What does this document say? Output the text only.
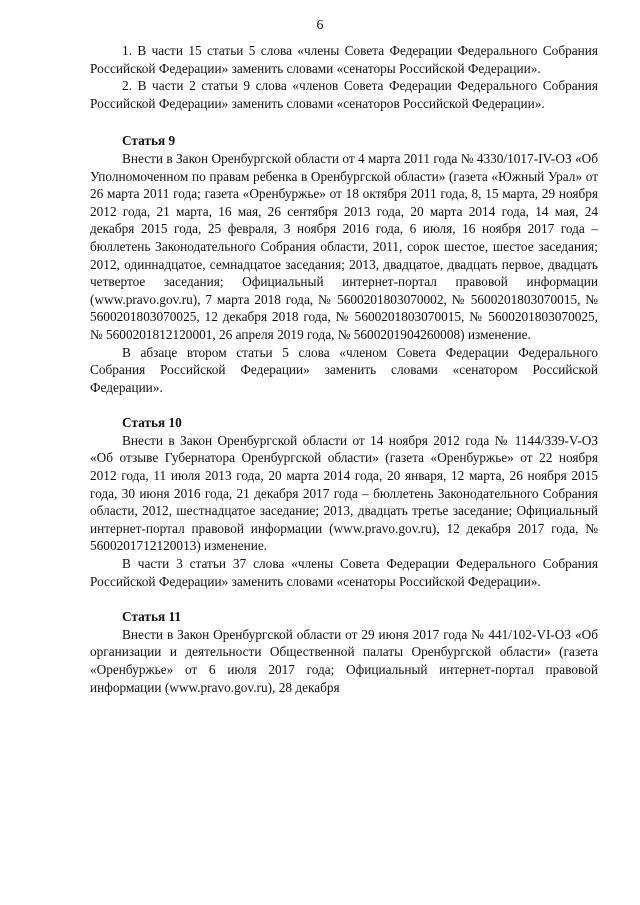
6

1. В части 15 статьи 5 слова «члены Совета Федерации Федерального Собрания Российской Федерации» заменить словами «сенаторы Российской Федерации».

2. В части 2 статьи 9 слова «членов Совета Федерации Федерального Собрания Российской Федерации» заменить словами «сенаторов Российской Федерации».

Статья 9

Внести в Закон Оренбургской области от 4 марта 2011 года № 4330/1017-IV-ОЗ «Об Уполномоченном по правам ребенка в Оренбургской области» (газета «Южный Урал» от 26 марта 2011 года; газета «Оренбуржье» от 18 октября 2011 года, 8, 15 марта, 29 ноября 2012 года, 21 марта, 16 мая, 26 сентября 2013 года, 20 марта 2014 года, 14 мая, 24 декабря 2015 года, 25 февраля, 3 ноября 2016 года, 6 июля, 16 ноября 2017 года – бюллетень Законодательного Собрания области, 2011, сорок шестое, шестое заседания; 2012, одиннадцатое, семнадцатое заседания; 2013, двадцатое, двадцать первое, двадцать четвертое заседания; Официальный интернет-портал правовой информации (www.pravo.gov.ru), 7 марта 2018 года, № 5600201803070002, № 5600201803070015, № 5600201803070025, 12 декабря 2018 года, № 5600201803070015, № 5600201803070025, № 5600201812120001, 26 апреля 2019 года, № 5600201904260008) изменение.

В абзаце втором статьи 5 слова «членом Совета Федерации Федерального Собрания Российской Федерации» заменить словами «сенатором Российской Федерации».

Статья 10

Внести в Закон Оренбургской области от 14 ноября 2012 года № 1144/339-V-ОЗ «Об отзыве Губернатора Оренбургской области» (газета «Оренбуржье» от 22 ноября 2012 года, 11 июля 2013 года, 20 марта 2014 года, 20 января, 12 марта, 26 ноября 2015 года, 30 июня 2016 года, 21 декабря 2017 года – бюллетень Законодательного Собрания области, 2012, шестнадцатое заседание; 2013, двадцать третье заседание; Официальный интернет-портал правовой информации (www.pravo.gov.ru), 12 декабря 2017 года, № 5600201712120013) изменение.

В части 3 статьи 37 слова «члены Совета Федерации Федерального Собрания Российской Федерации» заменить словами «сенаторы Российской Федерации».

Статья 11

Внести в Закон Оренбургской области от 29 июня 2017 года № 441/102-VI-ОЗ «Об организации и деятельности Общественной палаты Оренбургской области» (газета «Оренбуржье» от 6 июля 2017 года; Официальный интернет-портал правовой информации (www.pravo.gov.ru), 28 декабря
